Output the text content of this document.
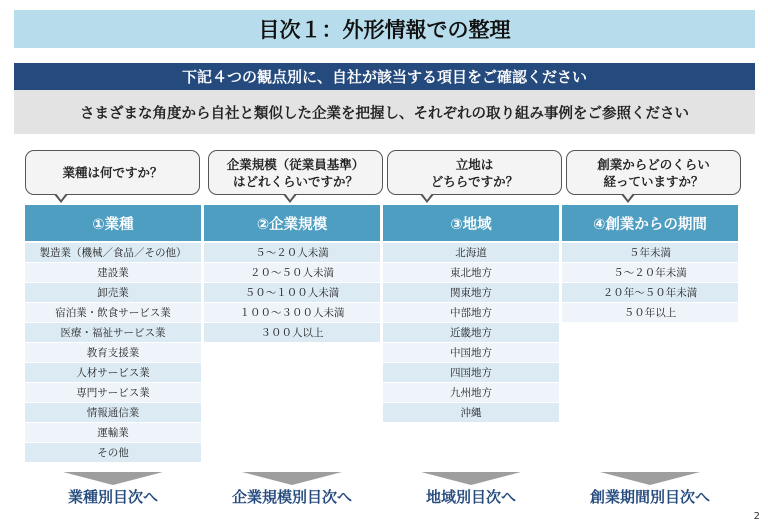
目次１：外形情報での整理
下記４つの観点別に、自社が該当する項目をご確認ください
さまざまな角度から自社と類似した企業を把握し、それぞれの取り組み事例をご参照ください
業種は何ですか？
①業種
製造業（機械／食品／その他）
建設業
卸売業
宿泊業・飲食サービス業
医療・福祉サービス業
教育支援業
人材サービス業
専門サービス業
情報通信業
運輸業
その他
業種別目次へ
企業規模（従業員基準）
はどれくらいですか？
②企業規模
５～２０人未満
２０～５０人未満
５０～１００人未満
１００～３００人未満
３００人以上
企業規模別目次へ
立地は
どちらですか？
③地域
北海道
東北地方
関東地方
中部地方
近畿地方
中国地方
四国地方
九州地方
沖縄
地域別目次へ
創業からどのくらい
経っていますか？
④創業からの期間
５年未満
５～２０年未満
２０年～５０年未満
５０年以上
創業期間別目次へ
2
